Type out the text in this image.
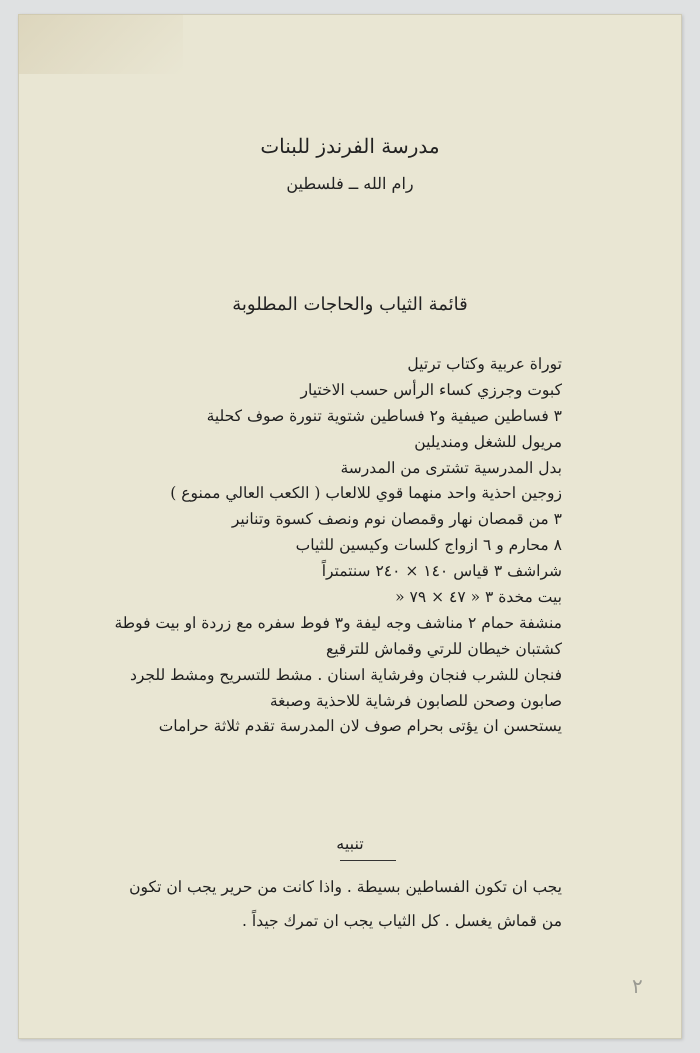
مدرسة الفرندز للبنات
رام الله ــ فلسطين
قائمة الثياب والحاجات المطلوبة
توراة عربية وكتاب ترتيل
كبوت وجرزي كساء الرأس حسب الاختيار
٣ فساطين صيفية و٢ فساطين شتوية تنورة صوف كحلية
مريول للشغل ومنديلين
بدل المدرسية تشترى من المدرسة
زوجين احذية واحد منهما قوي للالعاب ( الكعب العالي ممنوع )
٣ من قمصان نهار وقمصان نوم ونصف كسوة وتنانير
٨ محارم و ٦ ازواج كلسات وكيسين للثياب
شراشف ٣ قياس ١٤٠ × ٢٤٠ سنتمتراً
بيت مخدة ٣ « ٤٧ × ٧٩ «
منشفة حمام ٢ مناشف وجه ليفة و٣ فوط سفره مع زردة او بيت فوطة
كشتبان خيطان للرتي وقماش للترقيع
فنجان للشرب فنجان وفرشاية اسنان . مشط للتسريح ومشط للجرد
صابون وصحن للصابون فرشاية للاحذية وصبغة
يستحسن ان يؤتى بحرام صوف لان المدرسة تقدم ثلاثة حرامات
تنبيه

يجب ان تكون الفساطين بسيطة . واذا كانت من حرير يجب ان تكون

من قماش يغسل . كل الثياب يجب ان تمرك جيداً .

٢
